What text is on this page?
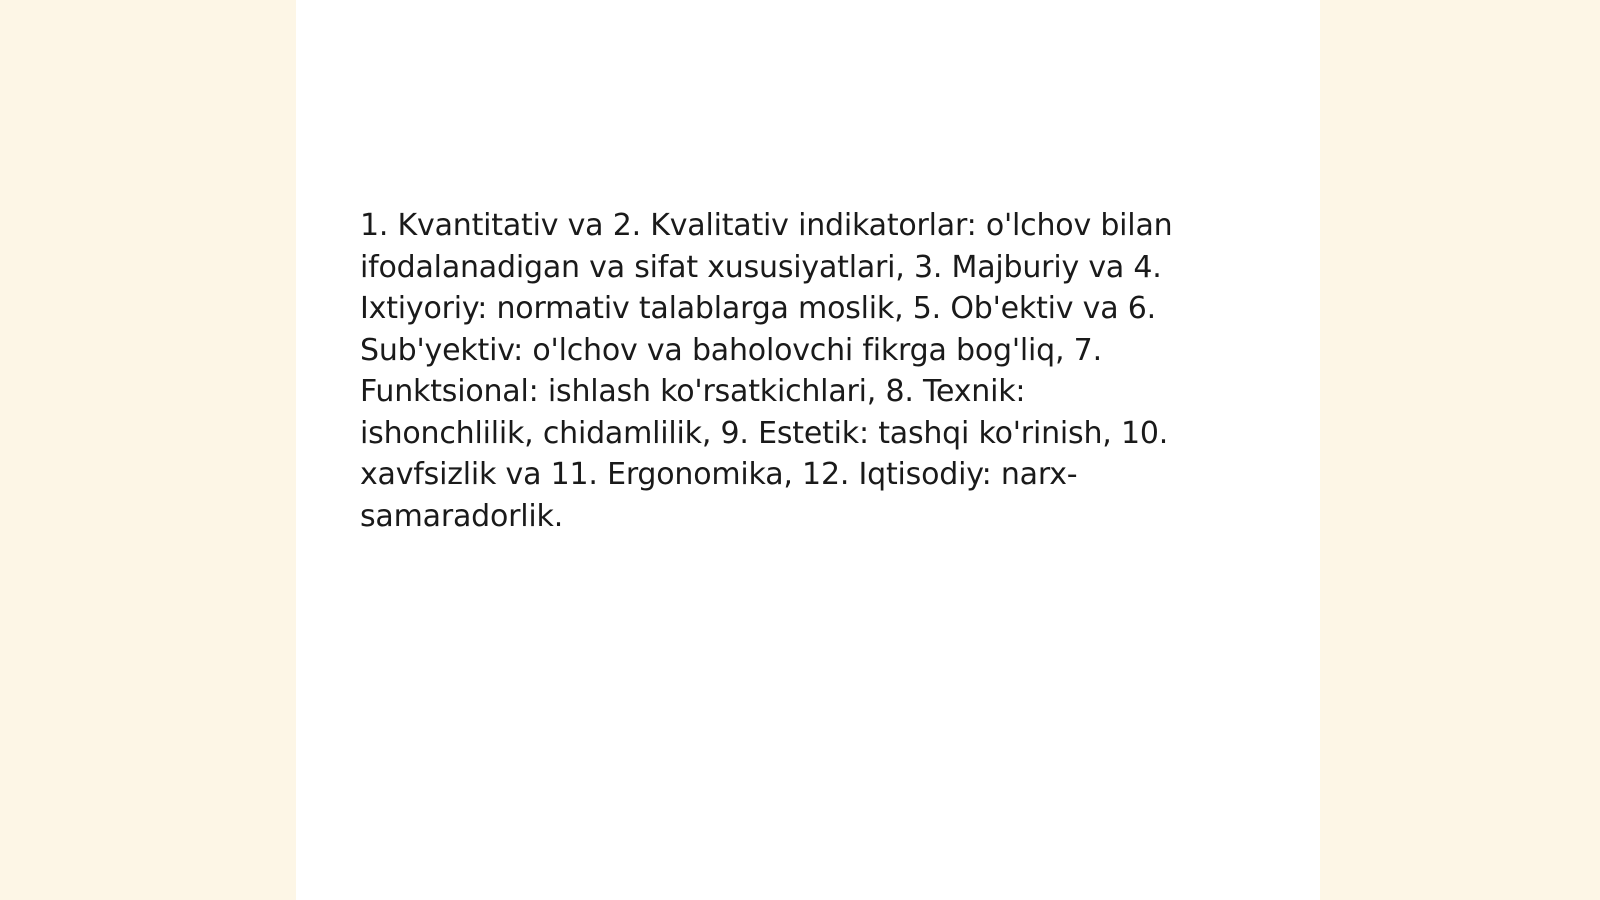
1. Kvantitativ va 2. Kvalitativ indikatorlar: o'lchov bilan
ifodalanadigan va sifat xususiyatlari, 3. Majburiy va 4.
Ixtiyoriy: normativ talablarga moslik, 5. Ob'ektiv va 6.
Sub'yektiv: o'lchov va baholovchi fikrga bog'liq, 7.
Funktsional: ishlash ko'rsatkichlari, 8. Texnik:
ishonchlilik, chidamlilik, 9. Estetik: tashqi ko'rinish, 10.
xavfsizlik va 11. Ergonomika, 12. Iqtisodiy: narx-
samaradorlik.
